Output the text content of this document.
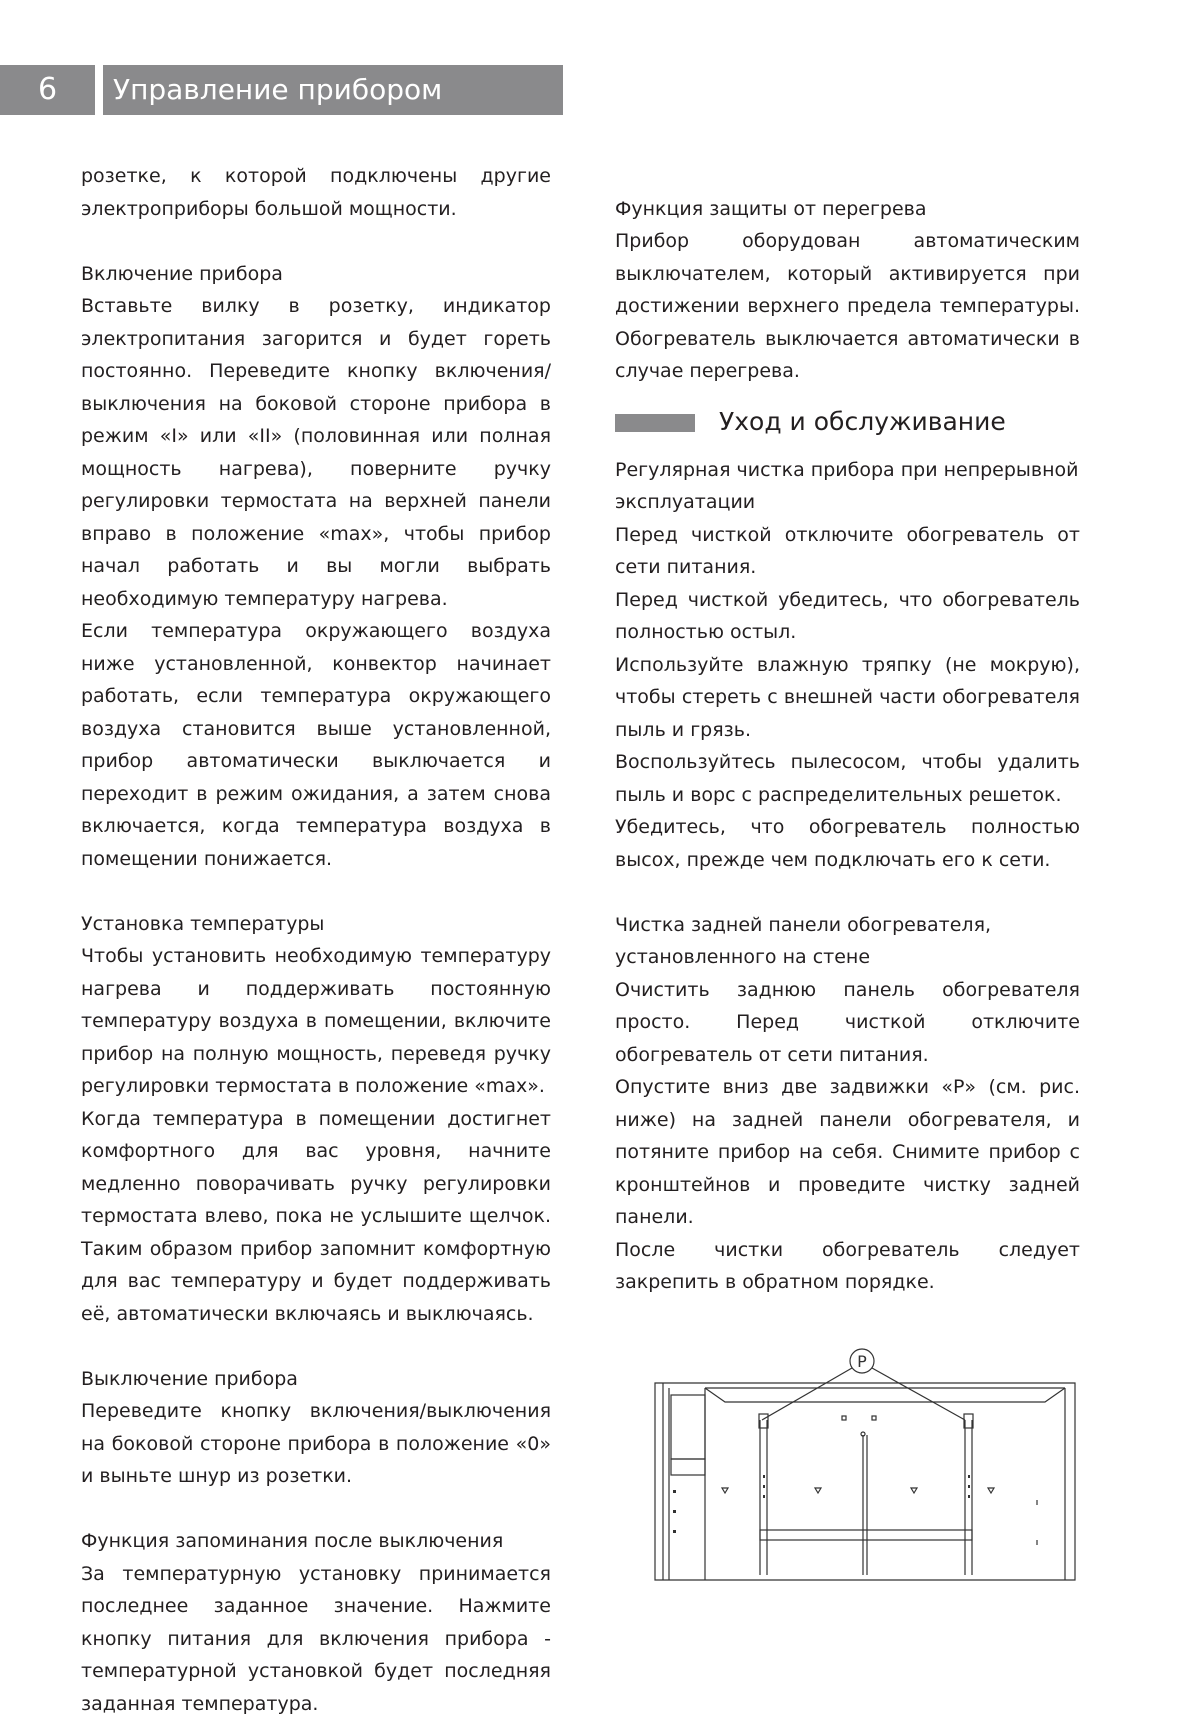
6	Управление прибором

розетке, к которой подключены другие электроприборы большой мощности.

Включение прибора

Вставьте вилку в розетку, индикатор электропитания загорится и будет гореть постоянно. Переведите кнопку включения/выключения на боковой стороне прибора в режим «I» или «II» (половинная или полная мощность нагрева), поверните ручку регулировки термостата на верхней панели вправо в положение «max», чтобы прибор начал работать и вы могли выбрать необходимую температуру нагрева.

Если температура окружающего воздуха ниже установленной, конвектор начинает работать, если температура окружающего воздуха становится выше установленной, прибор автоматически выключается и переходит в режим ожидания, а затем снова включается, когда температура воздуха в помещении понижается.

Установка температуры

Чтобы установить необходимую температуру нагрева и поддерживать постоянную температуру воздуха в помещении, включите прибор на полную мощность, переведя ручку регулировки термостата в положение «max».

Когда температура в помещении достигнет комфортного для вас уровня, начните медленно поворачивать ручку регулировки термостата влево, пока не услышите щелчок. Таким образом прибор запомнит комфортную для вас температуру и будет поддерживать её, автоматически включаясь и выключаясь.

Выключение прибора

Переведите кнопку включения/выключения на боковой стороне прибора в положение «0» и выньте шнур из розетки.

Функция запоминания после выключения

За температурную установку принимается последнее заданное значение. Нажмите кнопку питания для включения прибора - температурной установкой будет последняя заданная температура.

Функция защиты от перегрева

Прибор оборудован автоматическим выключателем, который активируется при достижении верхнего предела температуры. Обогреватель выключается автоматически в случае перегрева.

Уход и обслуживание

Регулярная чистка прибора при непрерывной эксплуатации

Перед чисткой отключите обогреватель от сети питания.

Перед чисткой убедитесь, что обогреватель полностью остыл.

Используйте влажную тряпку (не мокрую), чтобы стереть с внешней части обогревателя пыль и грязь.

Воспользуйтесь пылесосом, чтобы удалить пыль и ворс с распределительных решеток.

Убедитесь, что обогреватель полностью высох, прежде чем подключать его к сети.

Чистка задней панели обогревателя, установленного на стене

Очистить заднюю панель обогревателя просто. Перед чисткой отключите обогреватель от сети питания.

Опустите вниз две задвижки «P» (см. рис. ниже) на задней панели обогревателя, и потяните прибор на себя. Снимите прибор с кронштейнов и проведите чистку задней панели.

После чистки обогреватель следует закрепить в обратном порядке.

P
